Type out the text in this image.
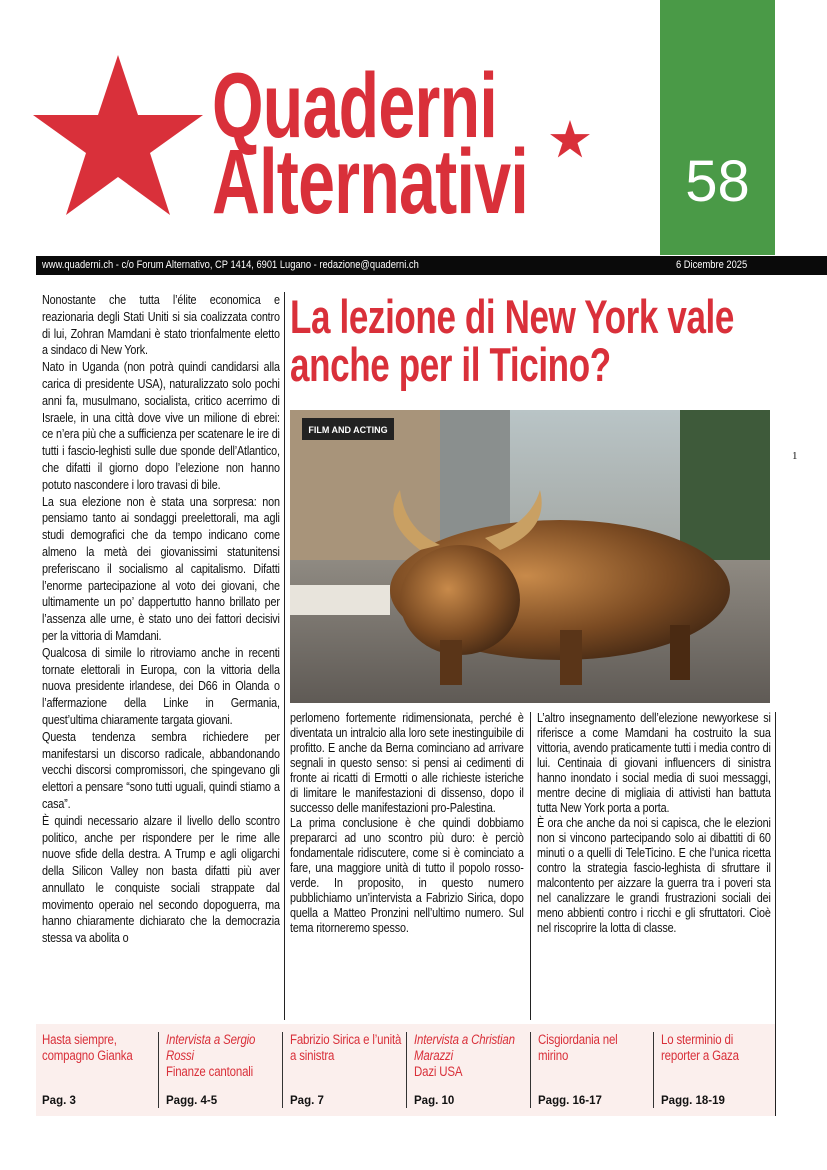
Quaderni
Alternativi	58
www.quaderni.ch - c/o Forum Alternativo, CP 1414, 6901 Lugano - redazione@quaderni.ch	6 Dicembre 2025

Nonostante che tutta l’élite economica e reazionaria degli Stati Uniti si sia coalizzata contro di lui, Zohran Mamdani è stato trionfalmente eletto a sindaco di New York.

Nato in Uganda (non potrà quindi candidarsi alla carica di presidente USA), naturalizzato solo pochi anni fa, musulmano, socialista, critico acerrimo di Israele, in una città dove vive un milione di ebrei: ce n’era più che a sufficienza per scatenare le ire di tutti i fascio-leghisti sulle due sponde dell’Atlantico, che difatti il giorno dopo l’elezione non hanno potuto nascondere i loro travasi di bile.

La sua elezione non è stata una sorpresa: non pensiamo tanto ai sondaggi preelettorali, ma agli studi demografici che da tempo indicano come almeno la metà dei giovanissimi statunitensi preferiscano il socialismo al capitalismo. Difatti l’enorme partecipazione al voto dei giovani, che ultimamente un po’ dappertutto hanno brillato per l’assenza alle urne, è stato uno dei fattori decisivi per la vittoria di Mamdani.

Qualcosa di simile lo ritroviamo anche in recenti tornate elettorali in Europa, con la vittoria della nuova presidente irlandese, dei D66 in Olanda o l’affermazione della Linke in Germania, quest’ultima chiaramente targata giovani.

Questa tendenza sembra richiedere per manifestarsi un discorso radicale, abbandonando vecchi discorsi compromissori, che spingevano gli elettori a pensare “sono tutti uguali, quindi stiamo a casa”.

È quindi necessario alzare il livello dello scontro politico, anche per rispondere per le rime alle nuove sfide della destra. A Trump e agli oligarchi della Silicon Valley non basta difatti più aver annullato le conquiste sociali strappate dal movimento operaio nel secondo dopoguerra, ma hanno chiaramente dichiarato che la democrazia stessa va abolita o

La lezione di New York vale anche per il Ticino?
FILM AND ACTING
1

perlomeno fortemente ridimensionata, perché è diventata un intralcio alla loro sete inestinguibile di profitto. E anche da Berna cominciano ad arrivare segnali in questo senso: si pensi ai cedimenti di fronte ai ricatti di Ermotti o alle richieste isteriche di limitare le manifestazioni di dissenso, dopo il successo delle manifestazioni pro-Palestina.

La prima conclusione è che quindi dobbiamo prepararci ad uno scontro più duro: è perciò fondamentale ridiscutere, come si è cominciato a fare, una maggiore unità di tutto il popolo rosso-verde. In proposito, in questo numero pubblichiamo un’intervista a Fabrizio Sirica, dopo quella a Matteo Pronzini nell’ultimo numero. Sul tema ritorneremo spesso.

L’altro insegnamento dell’elezione newyorkese si riferisce a come Mamdani ha costruito la sua vittoria, avendo praticamente tutti i media contro di lui. Centinaia di giovani influencers di sinistra hanno inondato i social media di suoi messaggi, mentre decine di migliaia di attivisti han battuta tutta New York porta a porta.

È ora che anche da noi si capisca, che le elezioni non si vincono partecipando solo ai dibattiti di 60 minuti o a quelli di TeleTicino. E che l’unica ricetta contro la strategia fascio-leghista di sfruttare il malcontento per aizzare la guerra tra i poveri sta nel canalizzare le grandi frustrazioni sociali dei meno abbienti contro i ricchi e gli sfruttatori. Cioè nel riscoprire la lotta di classe.

Hasta siempre, compagno Gianka
Pag. 3
Intervista a Sergio Rossi
Finanze cantonali
Pagg. 4-5
Fabrizio Sirica e l’unità a sinistra
Pag. 7
Intervista a Christian Marazzi
Dazi USA
Pag. 10
Cisgiordania nel mirino
Pagg. 16-17
Lo sterminio di reporter a Gaza
Pagg. 18-19
